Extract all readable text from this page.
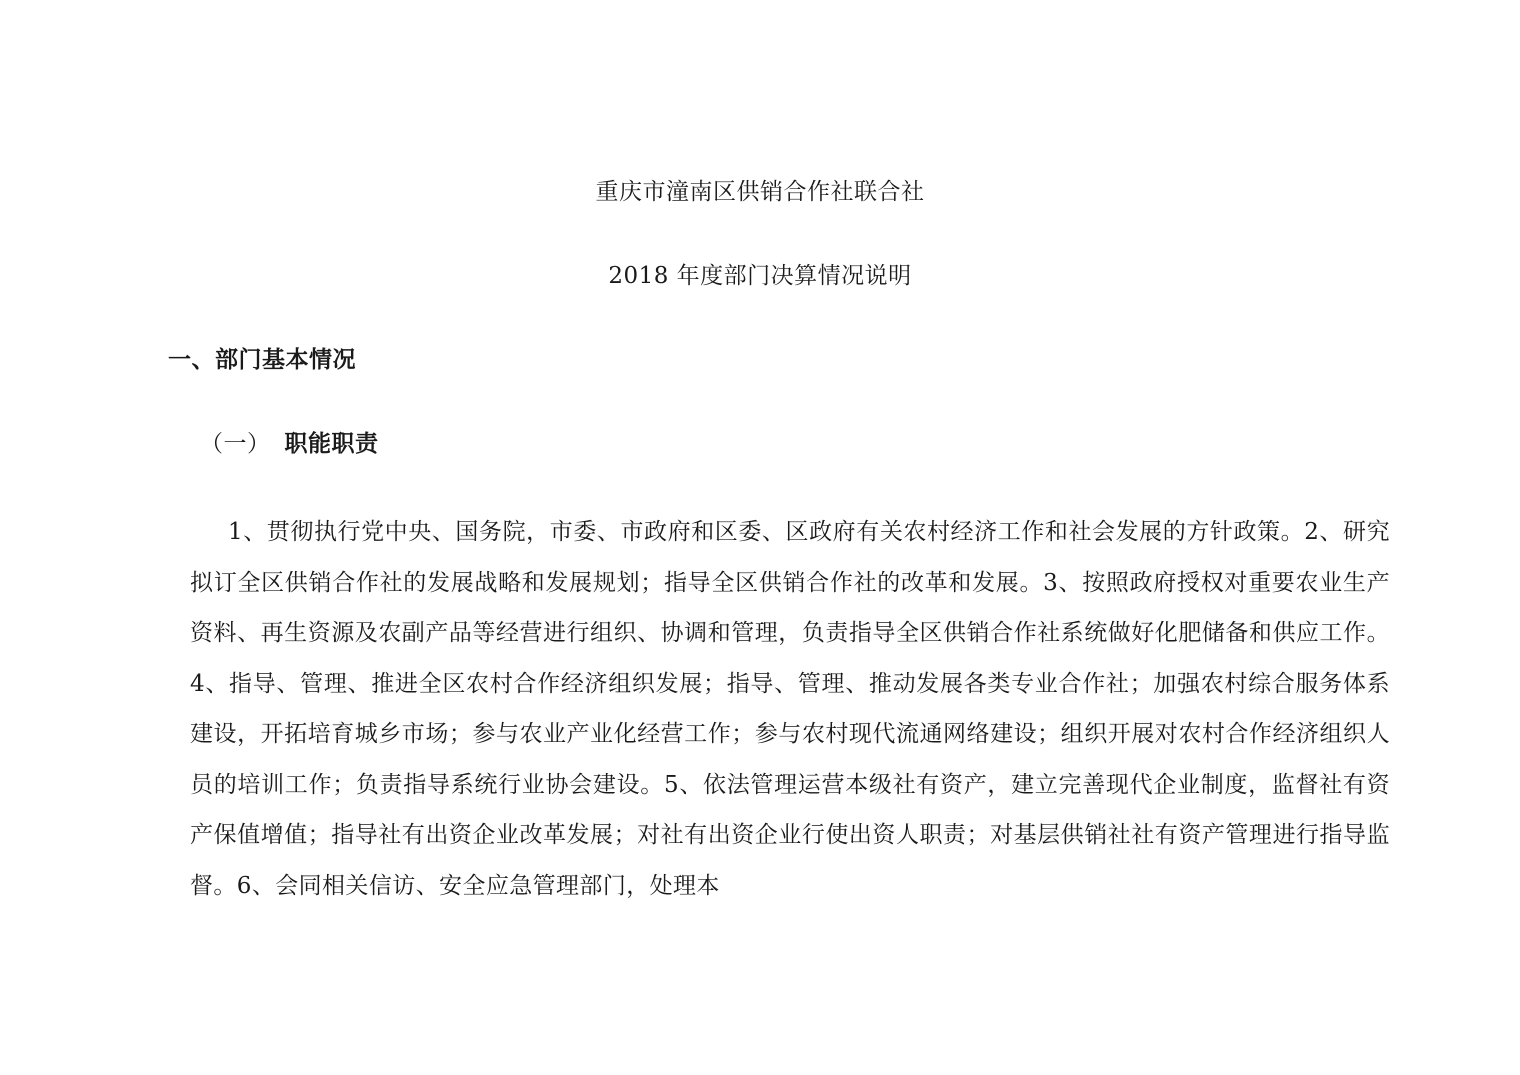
重庆市潼南区供销合作社联合社
2018 年度部门决算情况说明
一、部门基本情况
（一） 职能职责

1、贯彻执行党中央、国务院，市委、市政府和区委、区政府有关农村经济工作和社会发展的方针政策。2、研究拟订全区供销合作社的发展战略和发展规划；指导全区供销合作社的改革和发展。3、按照政府授权对重要农业生产资料、再生资源及农副产品等经营进行组织、协调和管理，负责指导全区供销合作社系统做好化肥储备和供应工作。4、指导、管理、推进全区农村合作经济组织发展；指导、管理、推动发展各类专业合作社；加强农村综合服务体系建设，开拓培育城乡市场；参与农业产业化经营工作；参与农村现代流通网络建设；组织开展对农村合作经济组织人员的培训工作；负责指导系统行业协会建设。5、依法管理运营本级社有资产，建立完善现代企业制度，监督社有资产保值增值；指导社有出资企业改革发展；对社有出资企业行使出资人职责；对基层供销社社有资产管理进行指导监督。6、会同相关信访、安全应急管理部门，处理本
